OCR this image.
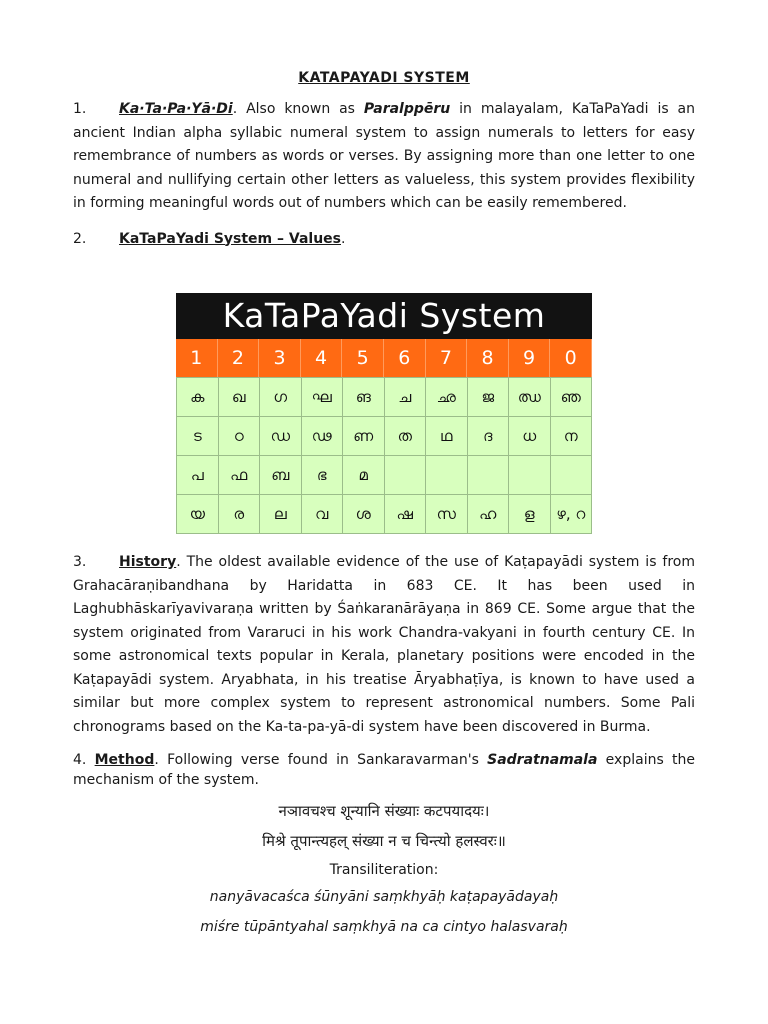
KATAPAYADI SYSTEM

1. Ka·Ta·Pa·Yā·Di. Also known as Paralppēru in malayalam, KaTaPaYadi is an ancient Indian alpha syllabic numeral system to assign numerals to letters for easy remembrance of numbers as words or verses. By assigning more than one letter to one numeral and nullifying certain other letters as valueless, this system provides flexibility in forming meaningful words out of numbers which can be easily remembered.

2. KaTaPaYadi System – Values.

KaTaPaYadi System
1	2	3	4	5	6	7	8	9	0
ക	ഖ	ഗ	ഘ	ങ	ച	ഛ	ജ	ഝ	ഞ
ട	ഠ	ഡ	ഢ	ണ	ത	ഥ	ദ	ധ	ന
പ	ഫ	ബ	ഭ	മ
യ	ര	ല	വ	ശ	ഷ	സ	ഹ	ള	ഴ, റ

3. History. The oldest available evidence of the use of Kaṭapayādi system is from Grahacāraṇibandhana by Haridatta in 683 CE. It has been used in Laghubhāskarīyavivaraṇa written by Śaṅkaranārāyaṇa in 869 CE. Some argue that the system originated from Vararuci in his work Chandra-vakyani in fourth century CE. In some astronomical texts popular in Kerala, planetary positions were encoded in the Kaṭapayādi system. Aryabhata, in his treatise Āryabhaṭīya, is known to have used a similar but more complex system to represent astronomical numbers. Some Pali chronograms based on the Ka-ta-pa-yā-di system have been discovered in Burma.

4. Method. Following verse found in Sankaravarman's Sadratnamala explains the mechanism of the system.

नञावचश्च शून्यानि संख्याः कटपयादयः।
मिश्रे तूपान्त्यहल् संख्या न च चिन्त्यो हलस्वरः॥
Transiliteration:
nanyāvacaśca śūnyāni saṃkhyāḥ kaṭapayādayaḥ
miśre tūpāntyahal saṃkhyā na ca cintyo halasvaraḥ
